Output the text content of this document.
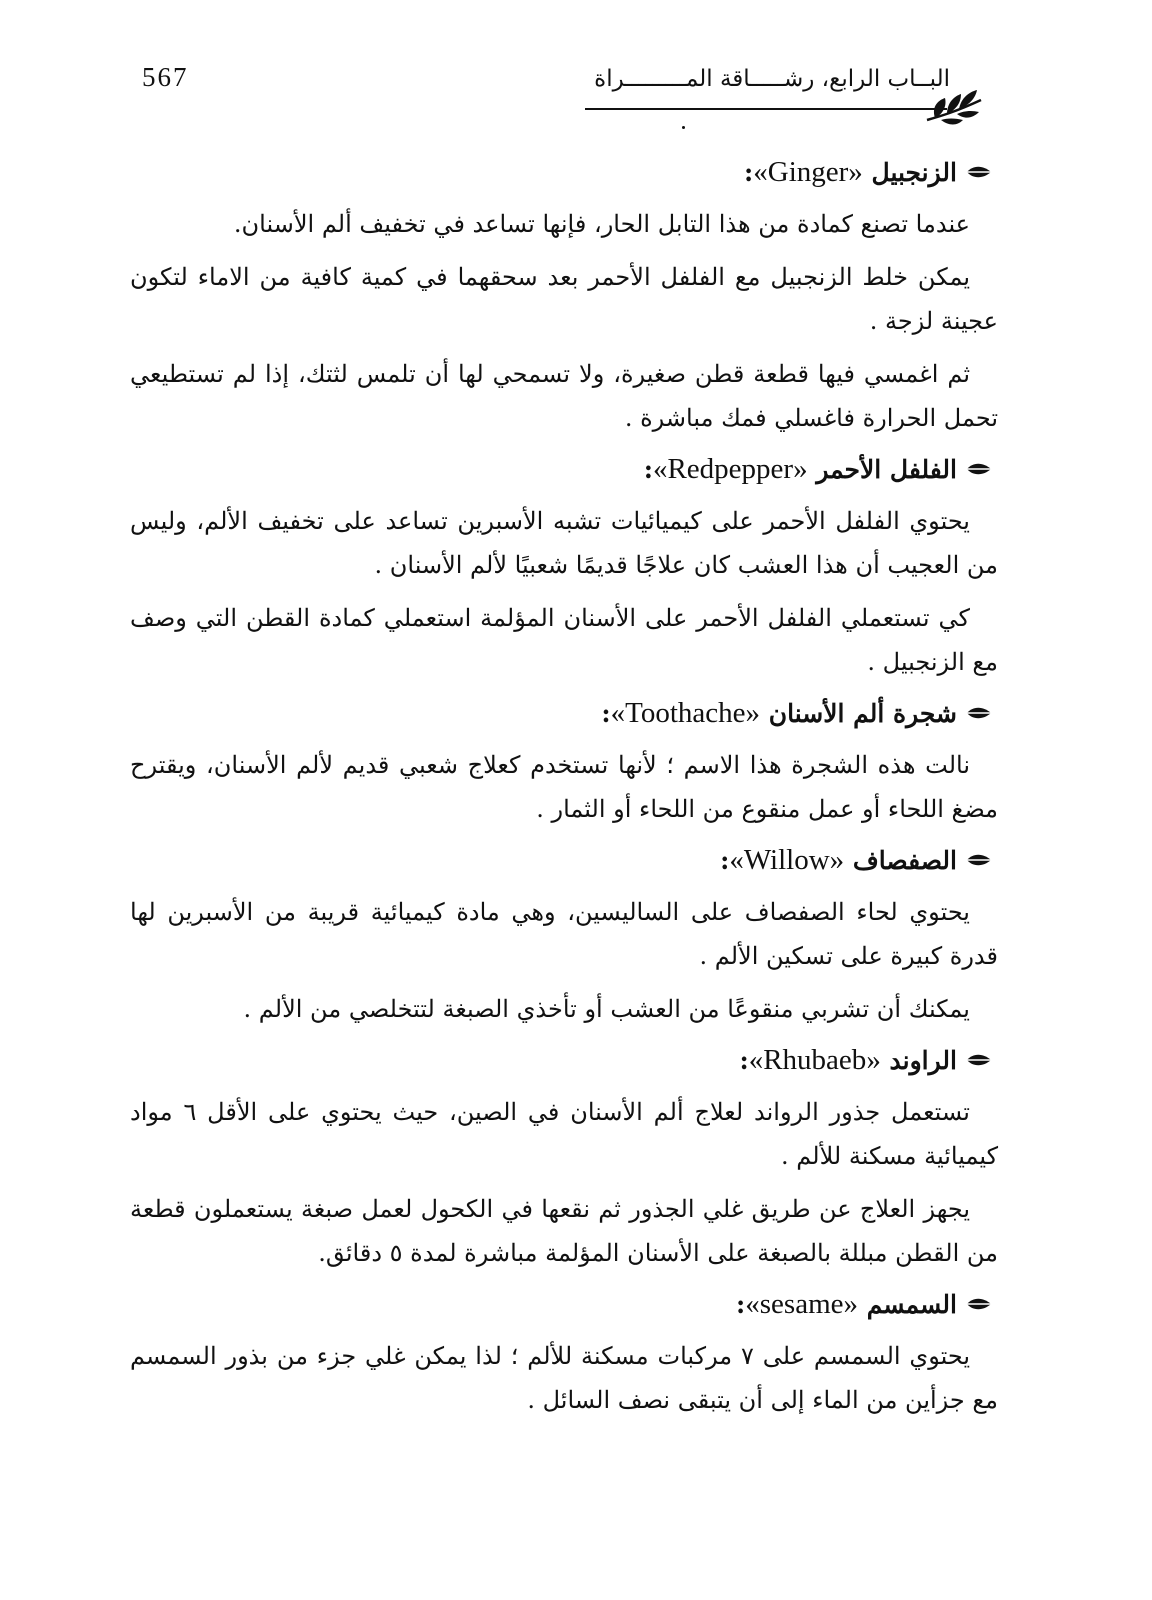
567	البــاب الرابع، رشـــــاقة المـــــــــراة
الزنجبيل «Ginger»:

عندما تصنع كمادة من هذا التابل الحار، فإنها تساعد في تخفيف ألم الأسنان.

يمكن خلط الزنجبيل مع الفلفل الأحمر بعد سحقهما في كمية كافية من الاماء لتكون عجينة لزجة .

ثم اغمسي فيها قطعة قطن صغيرة، ولا تسمحي لها أن تلمس لثتك، إذا لم تستطيعي تحمل الحرارة فاغسلي فمك مباشرة .

الفلفل الأحمر «Redpepper»:

يحتوي الفلفل الأحمر على كيميائيات تشبه الأسبرين تساعد على تخفيف الألم، وليس من العجيب أن هذا العشب كان علاجًا قديمًا شعبيًا لألم الأسنان .

كي تستعملي الفلفل الأحمر على الأسنان المؤلمة استعملي كمادة القطن التي وصف مع الزنجبيل .

شجرة ألم الأسنان «Toothache»:

نالت هذه الشجرة هذا الاسم ؛ لأنها تستخدم كعلاج شعبي قديم لألم الأسنان، ويقترح مضغ اللحاء أو عمل منقوع من اللحاء أو الثمار .

الصفصاف «Willow»:

يحتوي لحاء الصفصاف على الساليسين، وهي مادة كيميائية قريبة من الأسبرين لها قدرة كبيرة على تسكين الألم .

يمكنك أن تشربي منقوعًا من العشب أو تأخذي الصبغة لتتخلصي من الألم .

الراوند «Rhubaeb»:

تستعمل جذور الرواند لعلاج ألم الأسنان في الصين، حيث يحتوي على الأقل ٦ مواد كيميائية مسكنة للألم .

يجهز العلاج عن طريق غلي الجذور ثم نقعها في الكحول لعمل صبغة يستعملون قطعة من القطن مبللة بالصبغة على الأسنان المؤلمة مباشرة لمدة ٥ دقائق.

السمسم «sesame»:

يحتوي السمسم على ٧ مركبات مسكنة للألم ؛ لذا يمكن غلي جزء من بذور السمسم مع جزأين من الماء إلى أن يتبقى نصف السائل .
